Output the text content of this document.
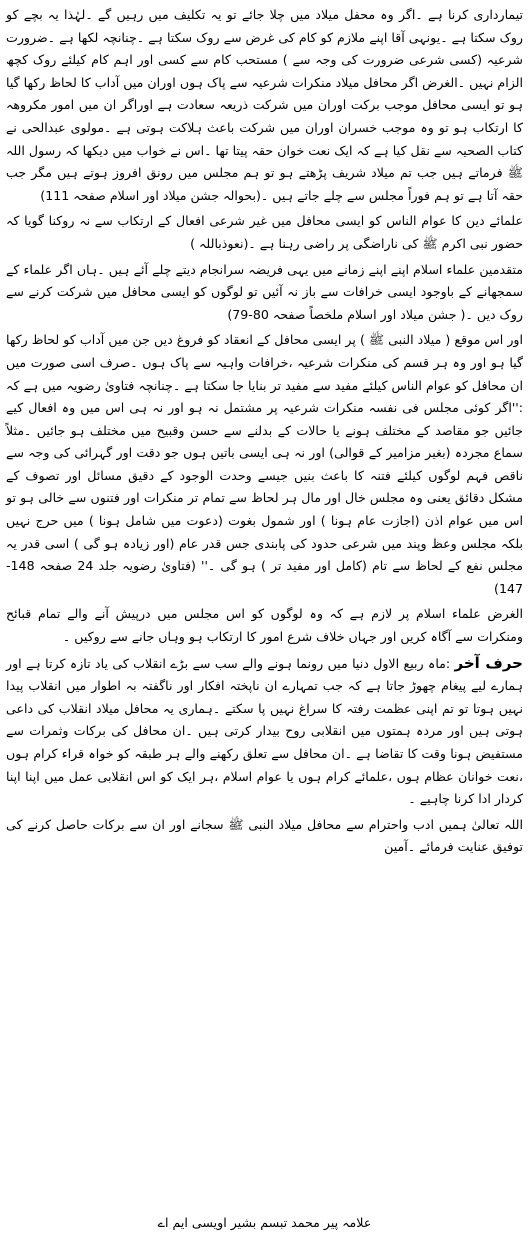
تیمارداری کرنا ہے ۔اگر وہ محفل میلاد میں چلا جائے تو یہ تکلیف میں رہیں گے ۔لہٰذا یہ بچے کو روک سکتا ہے ۔یونہی آقا اپنے ملازم کو کام کی غرض سے روک سکتا ہے ۔چنانچہ لکھا ہے ۔ضرورت شرعیہ (کسی شرعی ضرورت کی وجہ سے ) مستحب کام سے کسی اور اہم کام کیلئے روک کچھ الزام نہیں ۔الغرض اگر محافل میلاد منکرات شرعیہ سے پاک ہوں اوران میں آداب کا لحاظ رکھا گیا ہو تو ایسی محافل موجب برکت اوران میں شرکت ذریعہ سعادت ہے اوراگر ان میں امور مکروھہ کا ارتکاب ہو تو وہ موجب خسران اوران میں شرکت باعث ہلاکت ہوتی ہے ۔مولوی عبدالحی نے کتاب الصحیہ سے نقل کیا ہے کہ ایک نعت خوان حقہ پیتا تھا ۔اس نے خواب میں دیکھا کہ رسول اللہ ﷺ فرماتے ہیں جب تم میلاد شریف پڑھتے ہو تو ہم مجلس میں رونق افروز ہوتے ہیں مگر جب حقہ آتا ہے تو ہم فوراً مجلس سے چلے جاتے ہیں ۔(بحوالہ جشن میلاد اور اسلام صفحہ 111)

علمائے دین کا عوام الناس کو ایسی محافل میں غیر شرعی افعال کے ارتکاب سے نہ روکنا گویا کہ حضور نبی اکرم ﷺ کی ناراضگی پر راضی رہنا ہے ۔(نعوذباللہ )

متقدمین علماء اسلام اپنے اپنے زمانے میں یہی فریضہ سرانجام دیتے چلے آئے ہیں ۔ہاں اگر علماء کے سمجھانے کے باوجود ایسی خرافات سے باز نہ آئیں تو لوگوں کو ایسی محافل میں شرکت کرنے سے روک دیں ۔( جشن میلاد اور اسلام ملخصاً صفحہ 80-79)

اور اس موقع ( میلاد النبی ﷺ ) پر ایسی محافل کے انعقاد کو فروغ دیں جن میں آداب کو لحاظ رکھا گیا ہو اور وہ ہر قسم کی منکرات شرعیہ ،خرافات واہیہ سے پاک ہوں ۔صرف اسی صورت میں ان محافل کو عوام الناس کیلئے مفید سے مفید تر بنایا جا سکتا ہے ۔چنانچہ فتاویٰ رضویہ میں ہے کہ :''اگر کوئی مجلس فی نفسہ منکرات شرعیہ پر مشتمل نہ ہو اور نہ ہی اس میں وہ افعال کیے جائیں جو مقاصد کے مختلف ہونے یا حالات کے بدلنے سے حسن وقبیح میں مختلف ہو جائیں ۔مثلاً سماع مجردہ (بغیر مزامیر کے قوالی) اور نہ ہی ایسی باتیں ہوں جو دقت اور گہرائی کی وجہ سے ناقص فہم لوگوں کیلئے فتنہ کا باعث بنیں جیسے وحدت الوجود کے دقیق مسائل اور تصوف کے مشکل دقائق یعنی وہ مجلس خال اور مال ہر لحاظ سے تمام تر منکرات اور فتنوں سے خالی ہو تو اس میں عوام اذن (اجازت عام ہونا ) اور شمول بغوت (دعوت میں شامل ہونا ) میں حرج نہیں بلکہ مجلس وعظ وپند میں شرعی حدود کی پابندی جس قدر عام (اور زیادہ ہو گی ) اسی قدر یہ مجلس نفع کے لحاظ سے تام (کامل اور مفید تر ) ہو گی ۔'' (فتاویٰ رضویہ جلد 24 صفحہ 148-147)

الغرض علماء اسلام پر لازم ہے کہ وہ لوگوں کو اس مجلس میں درپیش آنے والے تمام قبائح ومنکرات سے آگاہ کریں اور جہاں خلاف شرع امور کا ارتکاب ہو وہاں جانے سے روکیں ۔

حرف آخر :ماہ ربیع الاول دنیا میں رونما ہونے والے سب سے بڑے انقلاب کی یاد تازہ کرتا ہے اور ہمارے لیے پیغام چھوڑ جاتا ہے کہ جب تمہارے ان ناپختہ افکار اور ناگفتہ بہ اطوار میں انقلاب پیدا نہیں ہوتا تو تم اپنی عظمت رفتہ کا سراغ نہیں پا سکتے ۔ہماری یہ محافل میلاد انقلاب کی داعی ہوتی ہیں اور مردہ ہمتوں میں انقلابی روح بیدار کرتی ہیں ۔ان محافل کی برکات وثمرات سے مستفیض ہونا وقت کا تقاضا ہے ۔ان محافل سے تعلق رکھنے والے ہر طبقہ کو خواہ قراء کرام ہوں ،نعت خوانان عظام ہوں ،علمائے کرام ہوں یا عوام اسلام ،ہر ایک کو اس انقلابی عمل میں اپنا اپنا کردار ادا کرنا چاہیے ۔

اللہ تعالیٰ ہمیں ادب واحترام سے محافل میلاد النبی ﷺ سجانے اور ان سے برکات حاصل کرنے کی توفیق عنایت فرمائے ۔آمین

علامہ پیر محمد تبسم بشیر اویسی ایم اے
